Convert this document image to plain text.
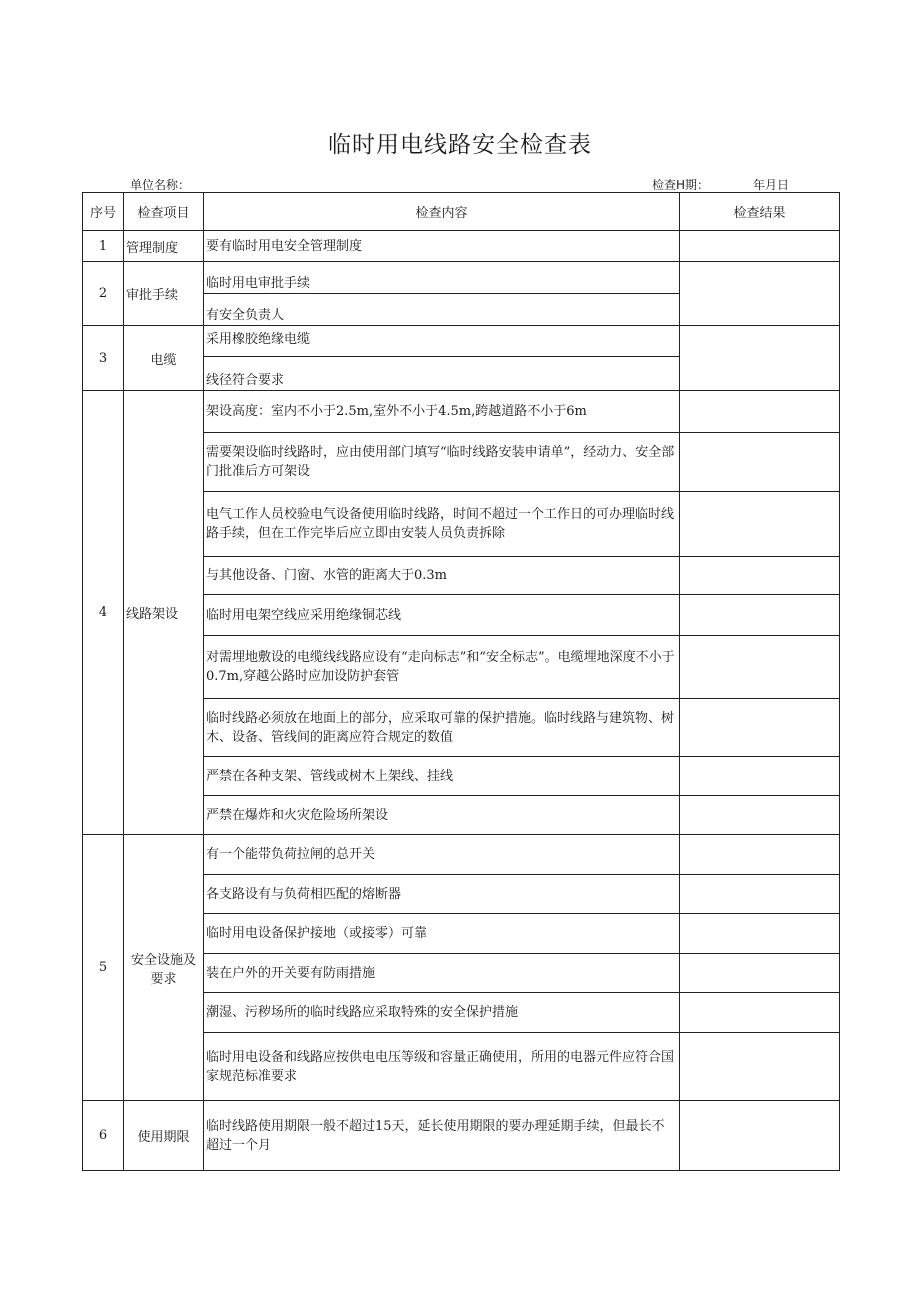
临时用电线路安全检查表
单位名称：	检查H期：	年月日
序号	检查项目	检查内容	检查结果
1	管理制度	要有临时用电安全管理制度	
2	审批手续	临时用电审批手续	
		有安全负责人	
3	电缆	采用橡胶绝缘电缆	
		线径符合要求	
4	线路架设	架设高度：室内不小于2.5m,室外不小于4.5m,跨越道路不小于6m	
		需要架设临时线路时，应由使用部门填写“临时线路安装申请单”，经动力、安全部门批准后方可架设	
		电气工作人员校验电气设备使用临时线路，时间不超过一个工作日的可办理临时线路手续，但在工作完毕后应立即由安装人员负责拆除	
		与其他设备、门窗、水管的距离大于0.3m	
		临时用电架空线应采用绝缘铜芯线	
		对需埋地敷设的电缆线线路应设有“走向标志”和“安全标志”。电缆埋地深度不小于0.7m,穿越公路时应加设防护套管	
		临时线路必须放在地面上的部分，应采取可靠的保护措施。临时线路与建筑物、树木、设备、管线间的距离应符合规定的数值	
		严禁在各种支架、管线或树木上架线、挂线	
		严禁在爆炸和火灾危险场所架设	
5	安全设施及要求	有一个能带负荷拉闸的总开关	
		各支路设有与负荷相匹配的熔断器	
		临时用电设备保护接地（或接零）可靠	
		装在户外的开关要有防雨措施	
		潮湿、污秽场所的临时线路应采取特殊的安全保护措施	
		临时用电设备和线路应按供电电压等级和容量正确使用，所用的电器元件应符合国家规范标准要求	
6	使用期限	临时线路使用期限一般不超过15天，延长使用期限的要办理延期手续，但最长不超过一个月	
